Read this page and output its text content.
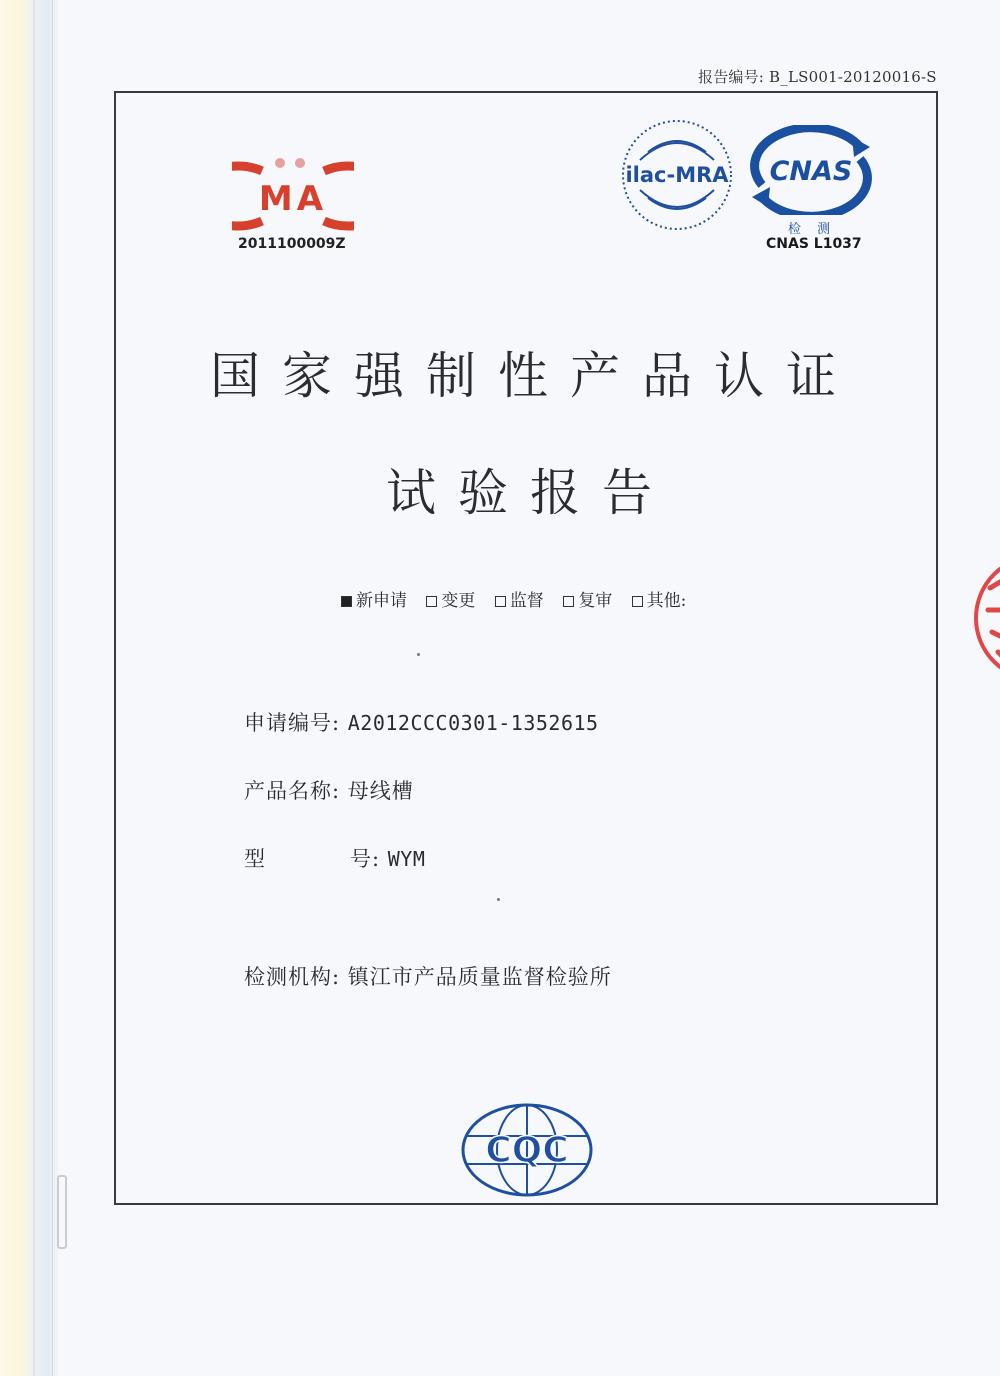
报告编号: B_LS001-20120016-S
MA
2011100009Z
ilac-MRA CNAS
检 测
CNAS L1037
国家强制性产品认证
试验报告
新申请 变更 监督 复审 其他:
申请编号: A2012CCC0301-1352615
产品名称: 母线槽
型	号: WYM
检测机构: 镇江市产品质量监督检验所
CQC
